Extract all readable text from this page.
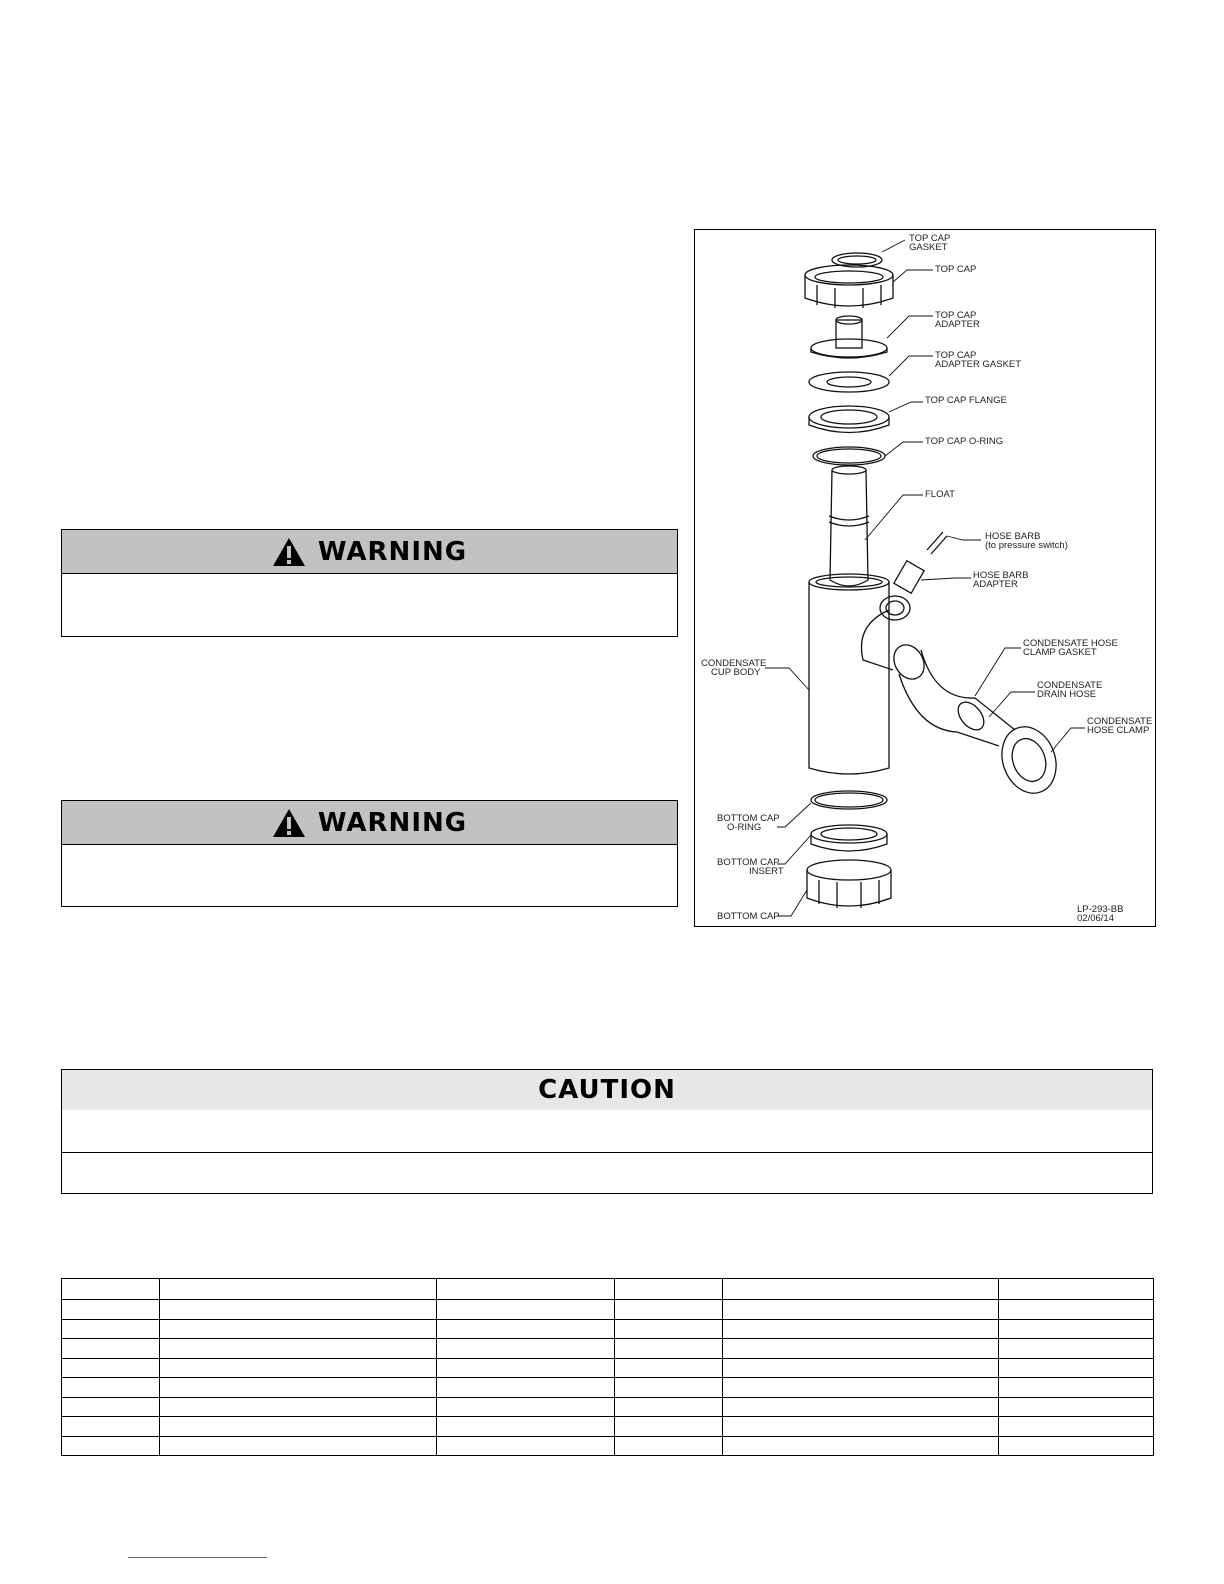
WARNING
WARNING
TOP CAP
GASKET
TOP CAP
TOP CAP
ADAPTER
TOP CAP
ADAPTER GASKET
TOP CAP FLANGE
TOP CAP O-RING
FLOAT
HOSE BARB
(to pressure switch)
HOSE BARB
ADAPTER
CONDENSATE
CUP BODY
CONDENSATE HOSE
CLAMP GASKET
CONDENSATE
DRAIN HOSE
CONDENSATE
HOSE CLAMP
BOTTOM CAP
O-RING
BOTTOM CAP
INSERT
BOTTOM CAP
LP-293-BB
02/06/14
CAUTION
